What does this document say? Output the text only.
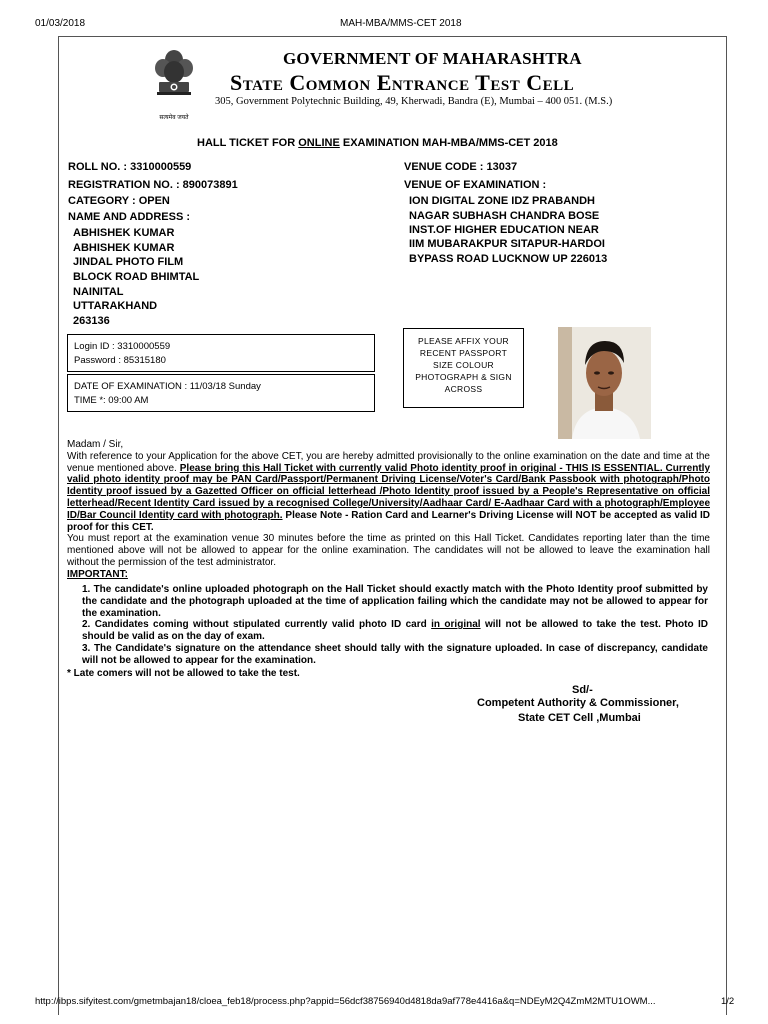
01/03/2018	MAH-MBA/MMS-CET 2018
सत्यमेव जयते
GOVERNMENT OF MAHARASHTRA
State Common Entrance Test Cell
305, Government Polytechnic Building, 49, Kherwadi, Bandra (E), Mumbai – 400 051. (M.S.)
HALL TICKET FOR ONLINE EXAMINATION MAH-MBA/MMS-CET 2018
ROLL NO. : 3310000559
REGISTRATION NO. : 890073891
CATEGORY : OPEN
NAME AND ADDRESS :
ABHISHEK KUMAR
ABHISHEK KUMAR
JINDAL PHOTO FILM
BLOCK ROAD BHIMTAL
NAINITAL
UTTARAKHAND
263136
VENUE CODE : 13037
VENUE OF EXAMINATION :
ION DIGITAL ZONE IDZ PRABANDH
NAGAR SUBHASH CHANDRA BOSE
INST.OF HIGHER EDUCATION NEAR
IIM MUBARAKPUR SITAPUR-HARDOI
BYPASS ROAD LUCKNOW UP 226013
Login ID : 3310000559
Password : 85315180
DATE OF EXAMINATION : 11/03/18 Sunday
TIME *: 09:00 AM
PLEASE AFFIX YOUR
RECENT PASSPORT
SIZE COLOUR
PHOTOGRAPH & SIGN
ACROSS
Madam / Sir,
With reference to your Application for the above CET, you are hereby admitted provisionally to the online examination on the date and time at the venue mentioned above. Please bring this Hall Ticket with currently valid Photo identity proof in original - THIS IS ESSENTIAL. Currently valid photo identity proof may be PAN Card/Passport/Permanent Driving License/Voter's Card/Bank Passbook with photograph/Photo Identity proof issued by a Gazetted Officer on official letterhead /Photo Identity proof issued by a People's Representative on official letterhead/Recent Identity Card issued by a recognised College/University/Aadhaar Card/ E-Aadhaar Card with a photograph/Employee ID/Bar Council Identity card with photograph. Please Note - Ration Card and Learner's Driving License will NOT be accepted as valid ID proof for this CET.
You must report at the examination venue 30 minutes before the time as printed on this Hall Ticket. Candidates reporting later than the time mentioned above will not be allowed to appear for the online examination. The candidates will not be allowed to leave the examination hall without the permission of the test administrator.
IMPORTANT:
1. The candidate's online uploaded photograph on the Hall Ticket should exactly match with the Photo Identity proof submitted by the candidate and the photograph uploaded at the time of application failing which the candidate may not be allowed to appear for the examination.
2. Candidates coming without stipulated currently valid photo ID card in original will not be allowed to take the test. Photo ID should be valid as on the day of exam.
3. The Candidate's signature on the attendance sheet should tally with the signature uploaded. In case of discrepancy, candidate will not be allowed to appear for the examination.
* Late comers will not be allowed to take the test.
Sd/-
Competent Authority & Commissioner,
State CET Cell ,Mumbai
http://ibps.sifyitest.com/gmetmbajan18/cloea_feb18/process.php?appid=56dcf38756940d4818da9af778e4416a&q=NDEyM2Q4ZmM2MTU1OWM...	1/2
